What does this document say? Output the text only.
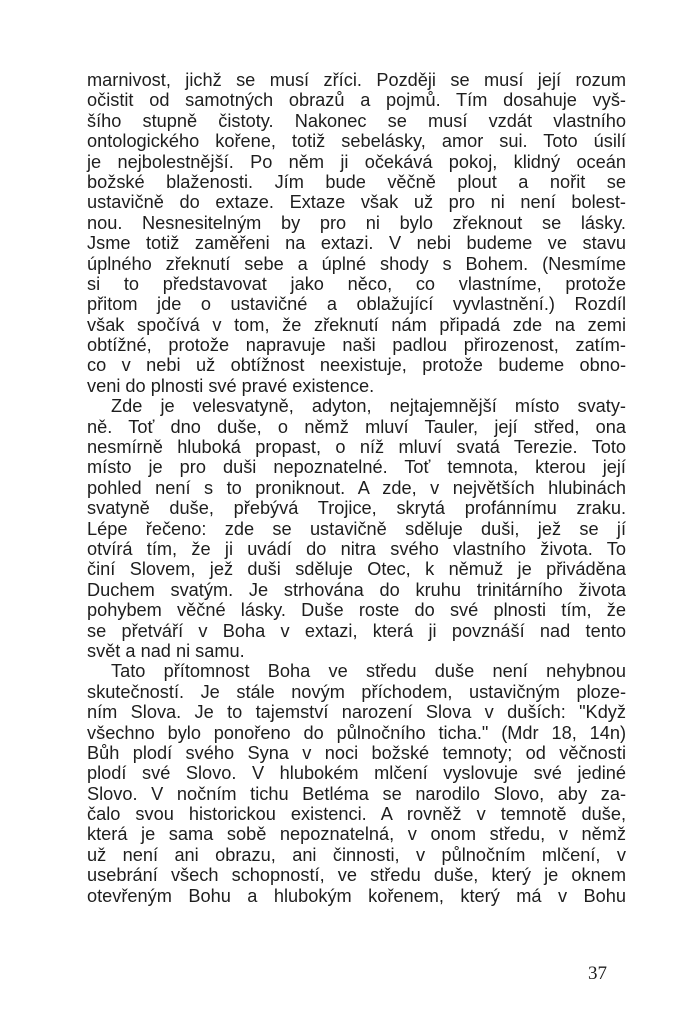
marnivost, jichž se musí zříci. Později se musí její rozum
očistit od samotných obrazů a pojmů. Tím dosahuje vyš-
šího stupně čistoty. Nakonec se musí vzdát vlastního
ontologického kořene, totiž sebelásky, amor sui. Toto úsilí
je nejbolestnější. Po něm ji očekává pokoj, klidný oceán
božské blaženosti. Jím bude věčně plout a nořit se
ustavičně do extaze. Extaze však už pro ni není bolest-
nou. Nesnesitelným by pro ni bylo zřeknout se lásky.
Jsme totiž zaměřeni na extazi. V nebi budeme ve stavu
úplného zřeknutí sebe a úplné shody s Bohem. (Nesmíme
si to představovat jako něco, co vlastníme, protože
přitom jde o ustavičné a oblažující vyvlastnění.) Rozdíl
však spočívá v tom, že zřeknutí nám připadá zde na zemi
obtížné, protože napravuje naši padlou přirozenost, zatím-
co v nebi už obtížnost neexistuje, protože budeme obno-
veni do plnosti své pravé existence.
Zde je velesvatyně, adyton, nejtajemnější místo svaty-
ně. Toť dno duše, o němž mluví Tauler, její střed, ona
nesmírně hluboká propast, o níž mluví svatá Terezie. Toto
místo je pro duši nepoznatelné. Toť temnota, kterou její
pohled není s to proniknout. A zde, v největších hlubinách
svatyně duše, přebývá Trojice, skrytá profánnímu zraku.
Lépe řečeno: zde se ustavičně sděluje duši, jež se jí
otvírá tím, že ji uvádí do nitra svého vlastního života. To
činí Slovem, jež duši sděluje Otec, k němuž je přiváděna
Duchem svatým. Je strhována do kruhu trinitárního života
pohybem věčné lásky. Duše roste do své plnosti tím, že
se přetváří v Boha v extazi, která ji povznáší nad tento
svět a nad ni samu.
Tato přítomnost Boha ve středu duše není nehybnou
skutečností. Je stále novým příchodem, ustavičným ploze-
ním Slova. Je to tajemství narození Slova v duších: "Když
všechno bylo ponořeno do půlnočního ticha." (Mdr 18, 14n)
Bůh plodí svého Syna v noci božské temnoty; od věčnosti
plodí své Slovo. V hlubokém mlčení vyslovuje své jediné
Slovo. V nočním tichu Betléma se narodilo Slovo, aby za-
čalo svou historickou existenci. A rovněž v temnotě duše,
která je sama sobě nepoznatelná, v onom středu, v němž
už není ani obrazu, ani činnosti, v půlnočním mlčení, v
usebrání všech schopností, ve středu duše, který je oknem
otevřeným Bohu a hlubokým kořenem, který má v Bohu
37
